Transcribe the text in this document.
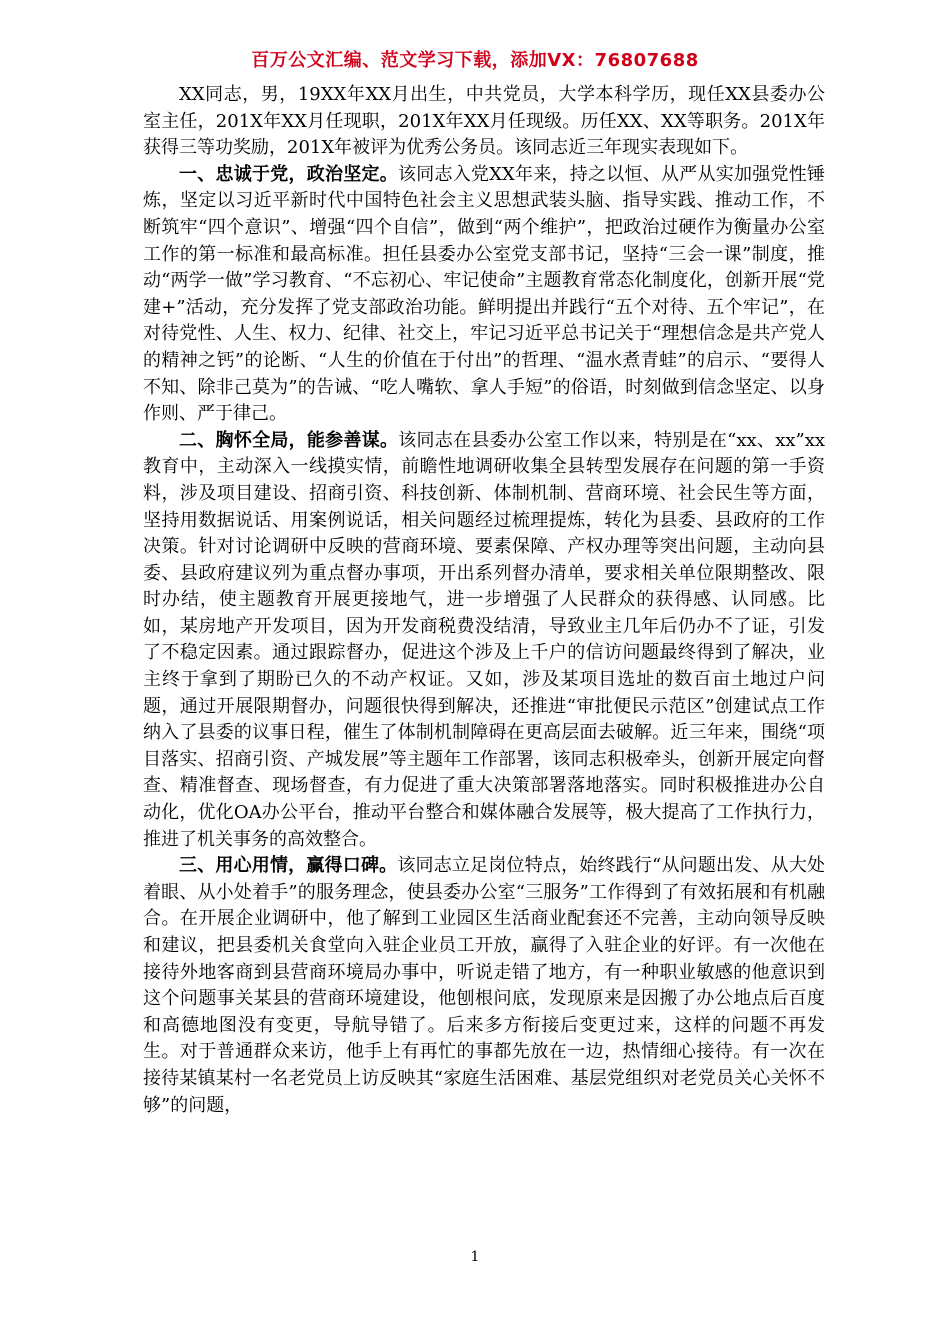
百万公文汇编、范文学习下载，添加VX：76807688

XX同志，男，19XX年XX月出生，中共党员，大学本科学历，现任XX县委办公室主任，201X年XX月任现职，201X年XX月任现级。历任XX、XX等职务。201X年获得三等功奖励，201X年被评为优秀公务员。该同志近三年现实表现如下。

一、忠诚于党，政治坚定。该同志入党XX年来，持之以恒、从严从实加强党性锤炼，坚定以习近平新时代中国特色社会主义思想武装头脑、指导实践、推动工作，不断筑牢“四个意识”、增强“四个自信”，做到“两个维护”，把政治过硬作为衡量办公室工作的第一标准和最高标准。担任县委办公室党支部书记，坚持“三会一课”制度，推动“两学一做”学习教育、“不忘初心、牢记使命”主题教育常态化制度化，创新开展“党建+”活动，充分发挥了党支部政治功能。鲜明提出并践行“五个对待、五个牢记”，在对待党性、人生、权力、纪律、社交上，牢记习近平总书记关于“理想信念是共产党人的精神之钙”的论断、“人生的价值在于付出”的哲理、“温水煮青蛙”的启示、“要得人不知、除非己莫为”的告诫、“吃人嘴软、拿人手短”的俗语，时刻做到信念坚定、以身作则、严于律己。

二、胸怀全局，能参善谋。该同志在县委办公室工作以来，特别是在“xx、xx”xx教育中，主动深入一线摸实情，前瞻性地调研收集全县转型发展存在问题的第一手资料，涉及项目建设、招商引资、科技创新、体制机制、营商环境、社会民生等方面，坚持用数据说话、用案例说话，相关问题经过梳理提炼，转化为县委、县政府的工作决策。针对讨论调研中反映的营商环境、要素保障、产权办理等突出问题，主动向县委、县政府建议列为重点督办事项，开出系列督办清单，要求相关单位限期整改、限时办结，使主题教育开展更接地气，进一步增强了人民群众的获得感、认同感。比如，某房地产开发项目，因为开发商税费没结清，导致业主几年后仍办不了证，引发了不稳定因素。通过跟踪督办，促进这个涉及上千户的信访问题最终得到了解决，业主终于拿到了期盼已久的不动产权证。又如，涉及某项目选址的数百亩土地过户问题，通过开展限期督办，问题很快得到解决，还推进“审批便民示范区”创建试点工作纳入了县委的议事日程，催生了体制机制障碍在更高层面去破解。近三年来，围绕“项目落实、招商引资、产城发展”等主题年工作部署，该同志积极牵头，创新开展定向督查、精准督查、现场督查，有力促进了重大决策部署落地落实。同时积极推进办公自动化，优化OA办公平台，推动平台整合和媒体融合发展等，极大提高了工作执行力，推进了机关事务的高效整合。

三、用心用情，赢得口碑。该同志立足岗位特点，始终践行“从问题出发、从大处着眼、从小处着手”的服务理念，使县委办公室“三服务”工作得到了有效拓展和有机融合。在开展企业调研中，他了解到工业园区生活商业配套还不完善，主动向领导反映和建议，把县委机关食堂向入驻企业员工开放，赢得了入驻企业的好评。有一次他在接待外地客商到县营商环境局办事中，听说走错了地方，有一种职业敏感的他意识到这个问题事关某县的营商环境建设，他刨根问底，发现原来是因搬了办公地点后百度和高德地图没有变更，导航导错了。后来多方衔接后变更过来，这样的问题不再发生。对于普通群众来访，他手上有再忙的事都先放在一边，热情细心接待。有一次在接待某镇某村一名老党员上访反映其“家庭生活困难、基层党组织对老党员关心关怀不够”的问题，

1
